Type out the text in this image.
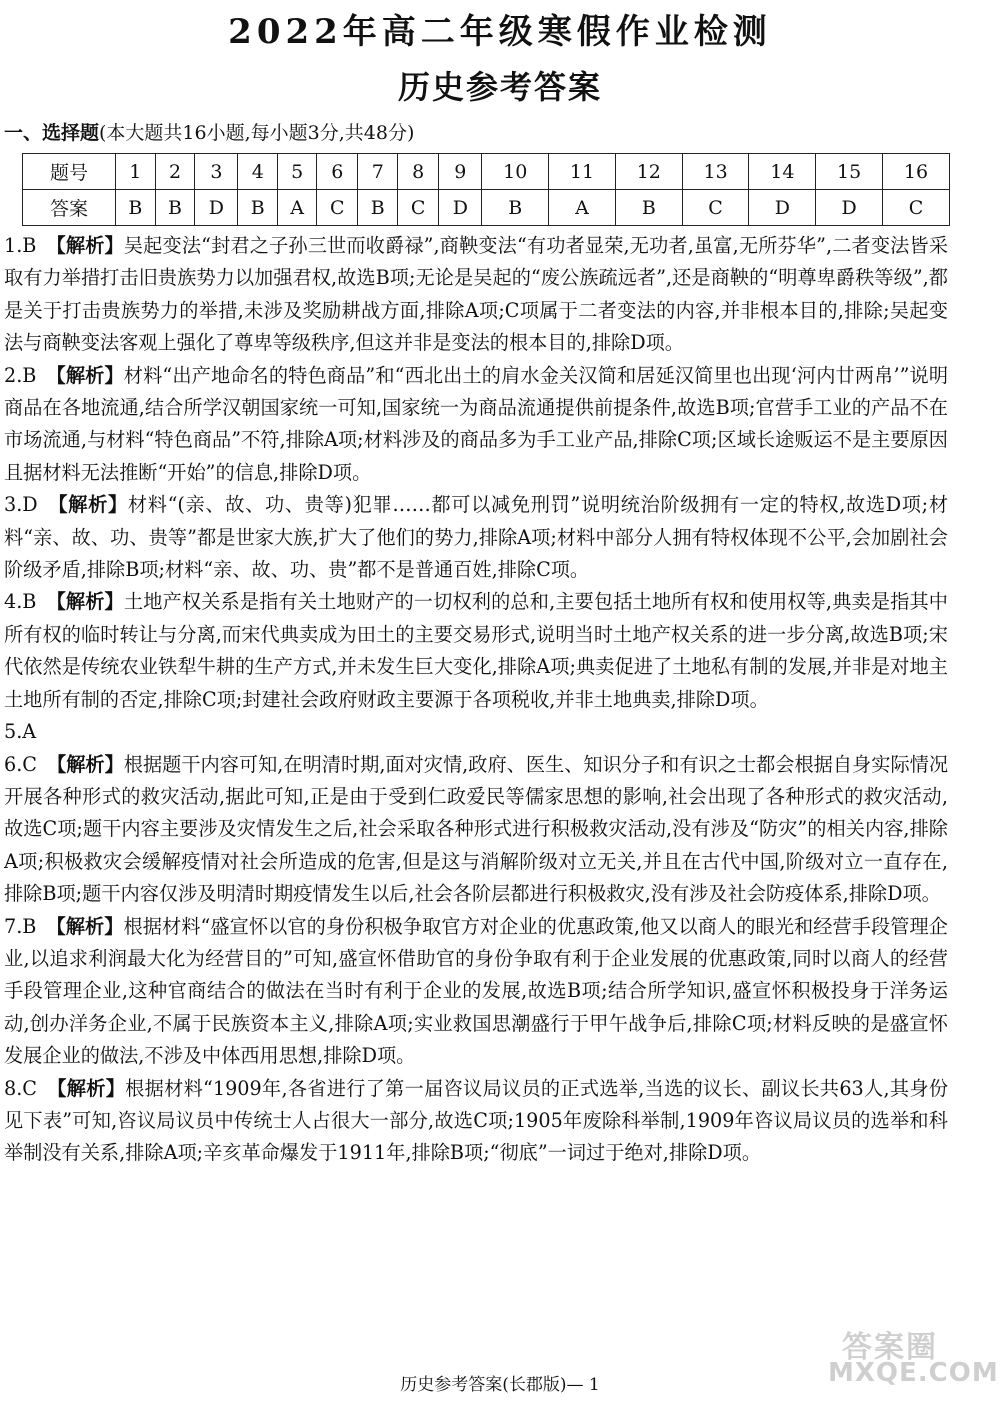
2022年高二年级寒假作业检测
历史参考答案
一、选择题(本大题共16小题,每小题3分,共48分)
题号	1	2	3	4	5	6	7	8	9	10	11	12	13	14	15	16
答案	B	B	D	B	A	C	B	C	D	B	A	B	C	D	D	C

1.B 【解析】吴起变法“封君之子孙三世而收爵禄”,商鞅变法“有功者显荣,无功者,虽富,无所芬华”,二者变法皆采取有力举措打击旧贵族势力以加强君权,故选B项;无论是吴起的“废公族疏远者”,还是商鞅的“明尊卑爵秩等级”,都是关于打击贵族势力的举措,未涉及奖励耕战方面,排除A项;C项属于二者变法的内容,并非根本目的,排除;吴起变法与商鞅变法客观上强化了尊卑等级秩序,但这并非是变法的根本目的,排除D项。

2.B 【解析】材料“出产地命名的特色商品”和“西北出土的肩水金关汉简和居延汉简里也出现‘河内廿两帛’”说明商品在各地流通,结合所学汉朝国家统一可知,国家统一为商品流通提供前提条件,故选B项;官营手工业的产品不在市场流通,与材料“特色商品”不符,排除A项;材料涉及的商品多为手工业产品,排除C项;区域长途贩运不是主要原因且据材料无法推断“开始”的信息,排除D项。

3.D 【解析】材料“(亲、故、功、贵等)犯罪……都可以减免刑罚”说明统治阶级拥有一定的特权,故选D项;材料“亲、故、功、贵等”都是世家大族,扩大了他们的势力,排除A项;材料中部分人拥有特权体现不公平,会加剧社会阶级矛盾,排除B项;材料“亲、故、功、贵”都不是普通百姓,排除C项。

4.B 【解析】土地产权关系是指有关土地财产的一切权利的总和,主要包括土地所有权和使用权等,典卖是指其中所有权的临时转让与分离,而宋代典卖成为田土的主要交易形式,说明当时土地产权关系的进一步分离,故选B项;宋代依然是传统农业铁犁牛耕的生产方式,并未发生巨大变化,排除A项;典卖促进了土地私有制的发展,并非是对地主土地所有制的否定,排除C项;封建社会政府财政主要源于各项税收,并非土地典卖,排除D项。

5.A

6.C 【解析】根据题干内容可知,在明清时期,面对灾情,政府、医生、知识分子和有识之士都会根据自身实际情况开展各种形式的救灾活动,据此可知,正是由于受到仁政爱民等儒家思想的影响,社会出现了各种形式的救灾活动,故选C项;题干内容主要涉及灾情发生之后,社会采取各种形式进行积极救灾活动,没有涉及“防灾”的相关内容,排除A项;积极救灾会缓解疫情对社会所造成的危害,但是这与消解阶级对立无关,并且在古代中国,阶级对立一直存在,排除B项;题干内容仅涉及明清时期疫情发生以后,社会各阶层都进行积极救灾,没有涉及社会防疫体系,排除D项。

7.B 【解析】根据材料“盛宣怀以官的身份积极争取官方对企业的优惠政策,他又以商人的眼光和经营手段管理企业,以追求利润最大化为经营目的”可知,盛宣怀借助官的身份争取有利于企业发展的优惠政策,同时以商人的经营手段管理企业,这种官商结合的做法在当时有利于企业的发展,故选B项;结合所学知识,盛宣怀积极投身于洋务运动,创办洋务企业,不属于民族资本主义,排除A项;实业救国思潮盛行于甲午战争后,排除C项;材料反映的是盛宣怀发展企业的做法,不涉及中体西用思想,排除D项。

8.C 【解析】根据材料“1909年,各省进行了第一届咨议局议员的正式选举,当选的议长、副议长共63人,其身份见下表”可知,咨议局议员中传统士人占很大一部分,故选C项;1905年废除科举制,1909年咨议局议员的选举和科举制没有关系,排除A项;辛亥革命爆发于1911年,排除B项;“彻底”一词过于绝对,排除D项。

答案圈
MXQE.COM
历史参考答案(长郡版)— 1
